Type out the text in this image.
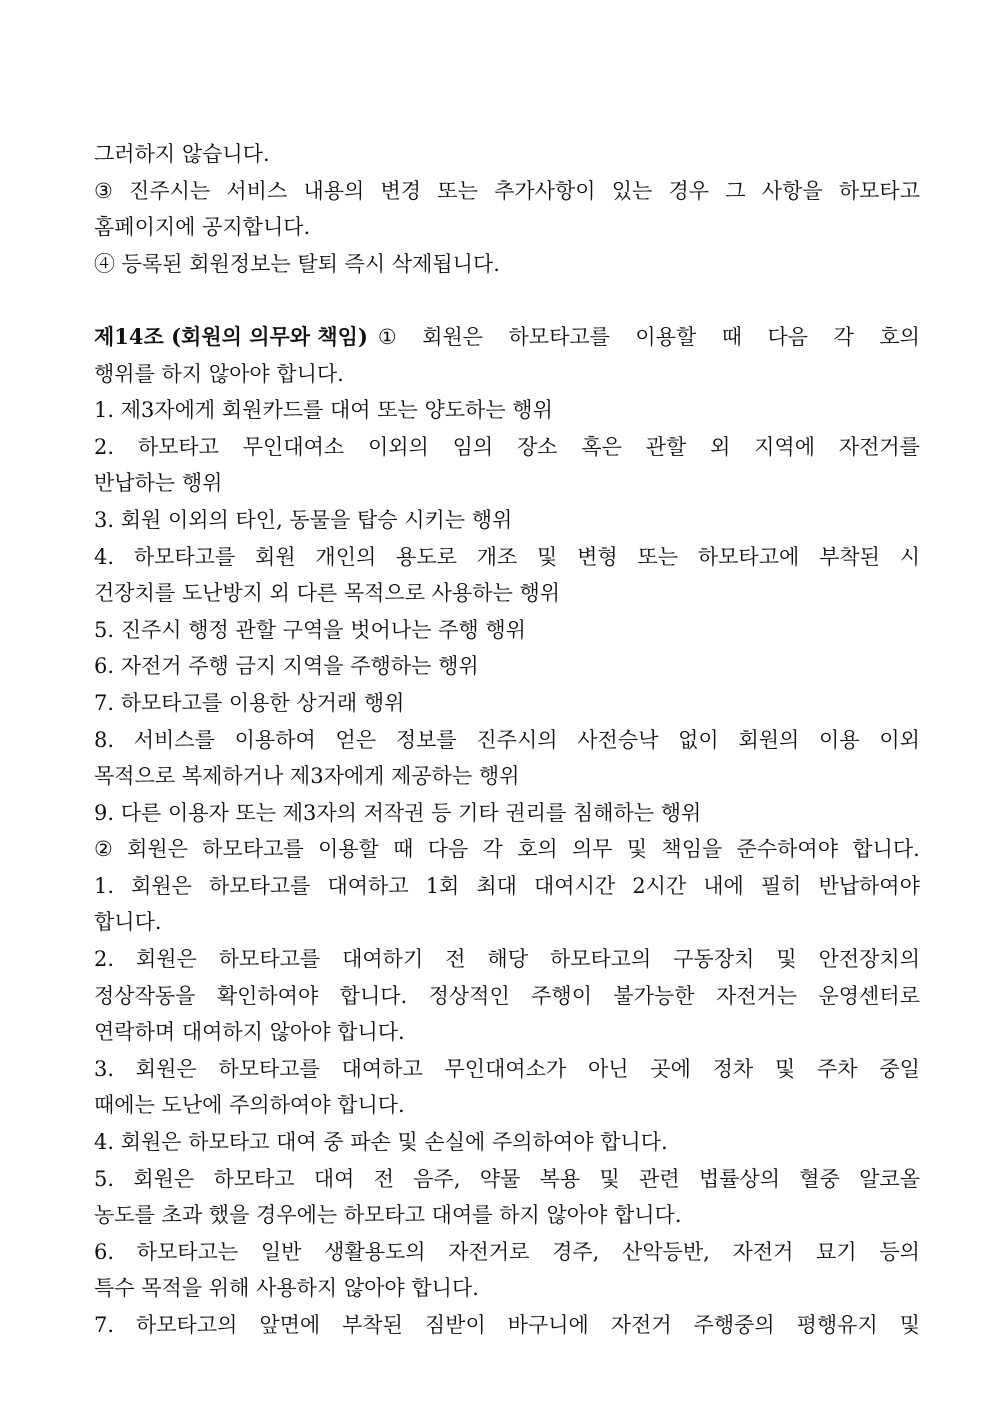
그러하지 않습니다.
③ 진주시는 서비스 내용의 변경 또는 추가사항이 있는 경우 그 사항을 하모타고
홈페이지에 공지합니다.
④ 등록된 회원정보는 탈퇴 즉시 삭제됩니다.
제14조 (회원의 의무와 책임) ① 회원은 하모타고를 이용할 때 다음 각 호의
행위를 하지 않아야 합니다.
1. 제3자에게 회원카드를 대여 또는 양도하는 행위
2. 하모타고 무인대여소 이외의 임의 장소 혹은 관할 외 지역에 자전거를
반납하는 행위
3. 회원 이외의 타인, 동물을 탑승 시키는 행위
4. 하모타고를 회원 개인의 용도로 개조 및 변형 또는 하모타고에 부착된 시
건장치를 도난방지 외 다른 목적으로 사용하는 행위
5. 진주시 행정 관할 구역을 벗어나는 주행 행위
6. 자전거 주행 금지 지역을 주행하는 행위
7. 하모타고를 이용한 상거래 행위
8. 서비스를 이용하여 얻은 정보를 진주시의 사전승낙 없이 회원의 이용 이외
목적으로 복제하거나 제3자에게 제공하는 행위
9. 다른 이용자 또는 제3자의 저작권 등 기타 권리를 침해하는 행위
② 회원은 하모타고를 이용할 때 다음 각 호의 의무 및 책임을 준수하여야 합니다.
1. 회원은 하모타고를 대여하고 1회 최대 대여시간 2시간 내에 필히 반납하여야
합니다.
2. 회원은 하모타고를 대여하기 전 해당 하모타고의 구동장치 및 안전장치의
정상작동을 확인하여야 합니다. 정상적인 주행이 불가능한 자전거는 운영센터로
연락하며 대여하지 않아야 합니다.
3. 회원은 하모타고를 대여하고 무인대여소가 아닌 곳에 정차 및 주차 중일
때에는 도난에 주의하여야 합니다.
4. 회원은 하모타고 대여 중 파손 및 손실에 주의하여야 합니다.
5. 회원은 하모타고 대여 전 음주, 약물 복용 및 관련 법률상의 혈중 알코올
농도를 초과 했을 경우에는 하모타고 대여를 하지 않아야 합니다.
6. 하모타고는 일반 생활용도의 자전거로 경주, 산악등반, 자전거 묘기 등의
특수 목적을 위해 사용하지 않아야 합니다.
7. 하모타고의 앞면에 부착된 짐받이 바구니에 자전거 주행중의 평행유지 및
